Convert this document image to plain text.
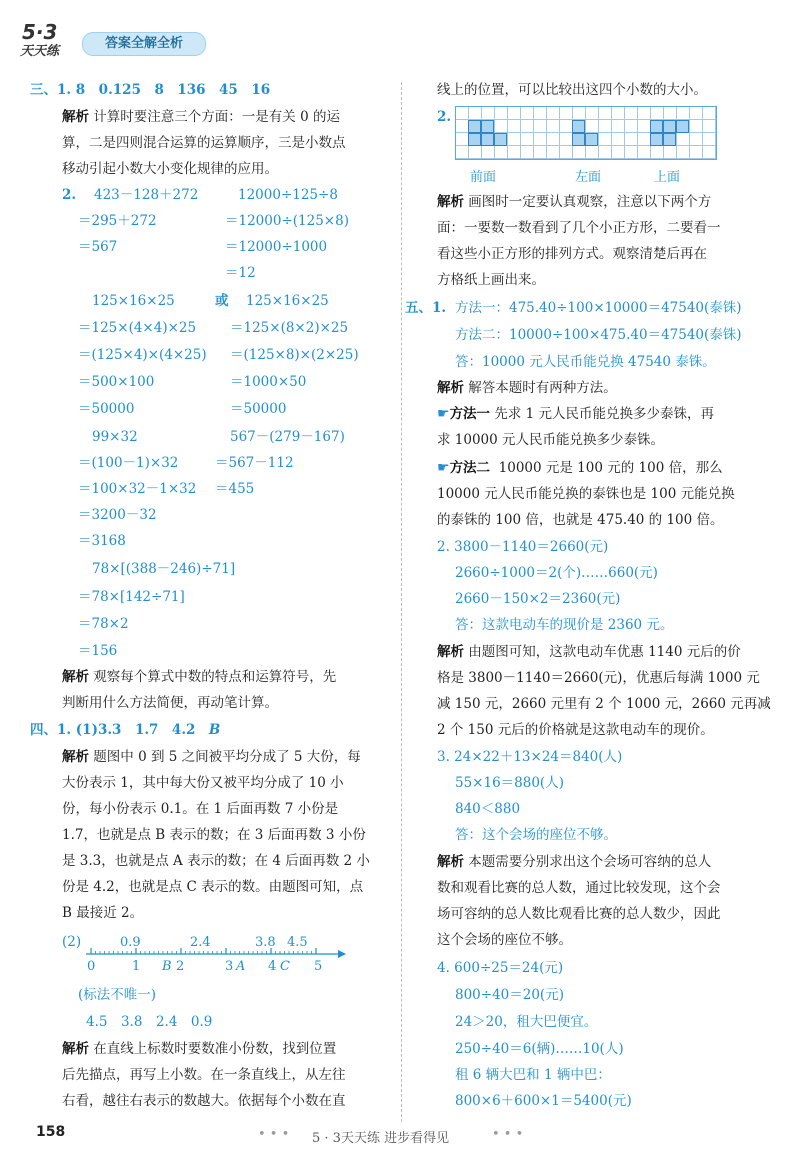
5·3
天天练
答案全解全析
三、1. 8　0.125　8　136　45　16
解析 计算时要注意三个方面：一是有关 0 的运
算，二是四则混合运算的运算顺序，三是小数点
移动引起小数大小变化规律的应用。
2. 423－128＋272
＝295＋272
＝567
12000÷125÷8
＝12000÷(125×8)
＝12000÷1000
＝12
125×16×25
＝125×(4×4)×25
＝(125×4)×(4×25)
＝500×100
＝50000
或 125×16×25
＝125×(8×2)×25
＝(125×8)×(2×25)
＝1000×50
＝50000
99×32
＝(100－1)×32
＝100×32－1×32
＝3200－32
＝3168
567－(279－167)
＝567－112
＝455
78×[(388－246)÷71]
＝78×[142÷71]
＝78×2
＝156
解析 观察每个算式中数的特点和运算符号，先
判断用什么方法简便，再动笔计算。
四、1. (1)3.3　1.7　4.2　B
解析 题图中 0 到 5 之间被平均分成了 5 大份，每
大份表示 1，其中每大份又被平均分成了 10 小
份，每小份表示 0.1。在 1 后面再数 7 小份是
1.7，也就是点 B 表示的数；在 3 后面再数 3 小份
是 3.3，也就是点 A 表示的数；在 4 后面再数 2 小
份是 4.2，也就是点 C 表示的数。由题图可知，点
B 最接近 2。
(2)	0.9	2.4	3.8 4.5
0	1 B 2	3 A 4 C 5
(标法不唯一)
4.5　3.8　2.4　0.9
解析 在直线上标数时要数准小份数，找到位置
后先描点，再写上小数。在一条直线上，从左往
右看，越往右表示的数越大。依据每个小数在直
线上的位置，可以比较出这四个小数的大小。
2.
前面	左面	上面
解析 画图时一定要认真观察，注意以下两个方
面：一要数一数看到了几个小正方形，二要看一
看这些小正方形的排列方式。观察清楚后再在
方格纸上画出来。
五、1. 方法一：475.40÷100×10000＝47540(泰铢)
方法二：10000÷100×475.40＝47540(泰铢)
答：10000 元人民币能兑换 47540 泰铢。
解析 解答本题时有两种方法。
☛方法一 先求 1 元人民币能兑换多少泰铢，再
求 10000 元人民币能兑换多少泰铢。
☛方法二 10000 元是 100 元的 100 倍，那么
10000 元人民币能兑换的泰铢也是 100 元能兑换
的泰铢的 100 倍，也就是 475.40 的 100 倍。
2. 3800－1140＝2660(元)
2660÷1000＝2(个)……660(元)
2660－150×2＝2360(元)
答：这款电动车的现价是 2360 元。
解析 由题图可知，这款电动车优惠 1140 元后的价
格是 3800－1140＝2660(元)，优惠后每满 1000 元
减 150 元，2660 元里有 2 个 1000 元，2660 元再减
2 个 150 元后的价格就是这款电动车的现价。
3. 24×22＋13×24＝840(人)
55×16＝880(人)
840＜880
答：这个会场的座位不够。
解析 本题需要分别求出这个会场可容纳的总人
数和观看比赛的总人数，通过比较发现，这个会
场可容纳的总人数比观看比赛的总人数少，因此
这个会场的座位不够。
4. 600÷25＝24(元)
800÷40＝20(元)
24＞20，租大巴便宜。
250÷40＝6(辆)……10(人)
租 6 辆大巴和 1 辆中巴：
800×6＋600×1＝5400(元)
158	• • • 5 · 3天天练 进步看得见	• • •
